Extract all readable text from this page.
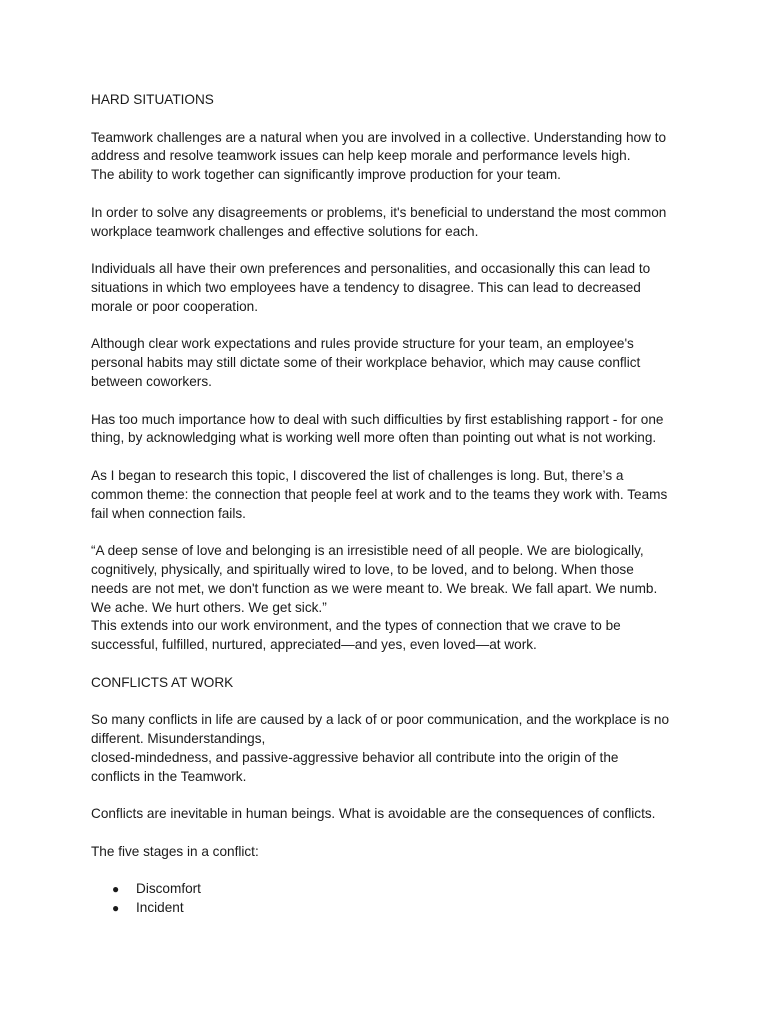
HARD SITUATIONS
Teamwork challenges are a natural when you are involved in a collective. Understanding how to
address and resolve teamwork issues can help keep morale and performance levels high.
The ability to work together can significantly improve production for your team.
In order to solve any disagreements or problems, it's beneficial to understand the most common
workplace teamwork challenges and effective solutions for each.
Individuals all have their own preferences and personalities, and occasionally this can lead to
situations in which two employees have a tendency to disagree. This can lead to decreased
morale or poor cooperation.
Although clear work expectations and rules provide structure for your team, an employee's
personal habits may still dictate some of their workplace behavior, which may cause conflict
between coworkers.
Has too much importance how to deal with such difficulties by first establishing rapport - for one
thing, by acknowledging what is working well more often than pointing out what is not working.
As I began to research this topic, I discovered the list of challenges is long. But, there’s a
common theme: the connection that people feel at work and to the teams they work with. Teams
fail when connection fails.
“A deep sense of love and belonging is an irresistible need of all people. We are biologically,
cognitively, physically, and spiritually wired to love, to be loved, and to belong. When those
needs are not met, we don't function as we were meant to. We break. We fall apart. We numb.
We ache. We hurt others. We get sick.”
This extends into our work environment, and the types of connection that we crave to be
successful, fulfilled, nurtured, appreciated—and yes, even loved—at work.
CONFLICTS AT WORK
So many conflicts in life are caused by a lack of or poor communication, and the workplace is no
different. Misunderstandings,
closed-mindedness, and passive-aggressive behavior all contribute into the origin of the
conflicts in the Teamwork.
Conflicts are inevitable in human beings. What is avoidable are the consequences of conflicts.
The five stages in a conflict:
● Discomfort
● Incident
